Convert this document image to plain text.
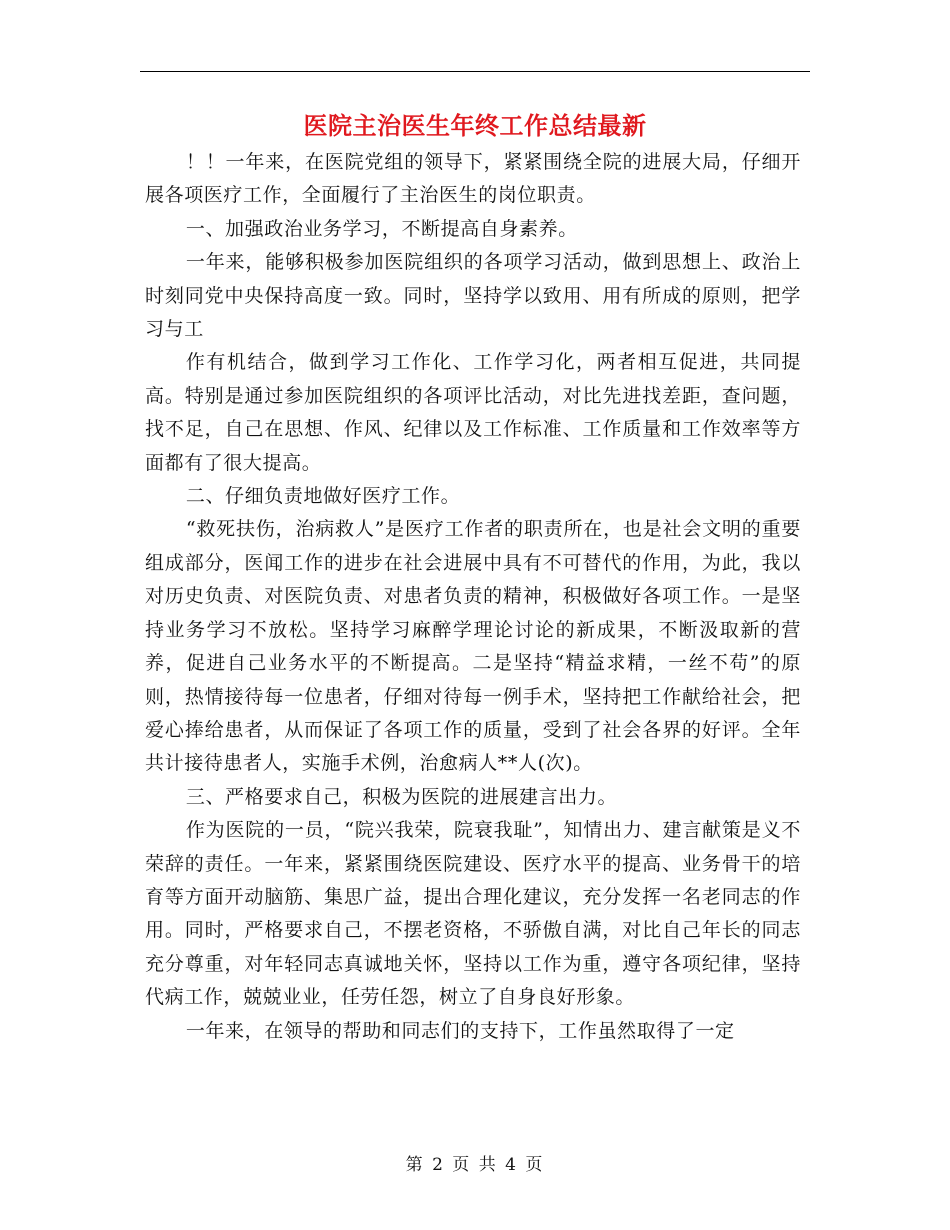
医院主治医生年终工作总结最新

！！一年来，在医院党组的领导下，紧紧围绕全院的进展大局，仔细开展各项医疗工作，全面履行了主治医生的岗位职责。

一、加强政治业务学习，不断提高自身素养。

一年来，能够积极参加医院组织的各项学习活动，做到思想上、政治上时刻同党中央保持高度一致。同时，坚持学以致用、用有所成的原则，把学习与工

作有机结合，做到学习工作化、工作学习化，两者相互促进，共同提高。特别是通过参加医院组织的各项评比活动，对比先进找差距，查问题，找不足，自己在思想、作风、纪律以及工作标准、工作质量和工作效率等方面都有了很大提高。

二、仔细负责地做好医疗工作。

“救死扶伤，治病救人”是医疗工作者的职责所在，也是社会文明的重要组成部分，医闻工作的进步在社会进展中具有不可替代的作用，为此，我以对历史负责、对医院负责、对患者负责的精神，积极做好各项工作。一是坚持业务学习不放松。坚持学习麻醉学理论讨论的新成果，不断汲取新的营养，促进自己业务水平的不断提高。二是坚持“精益求精，一丝不苟”的原则，热情接待每一位患者，仔细对待每一例手术，坚持把工作献给社会，把爱心捧给患者，从而保证了各项工作的质量，受到了社会各界的好评。全年共计接待患者人，实施手术例，治愈病人**人(次)。

三、严格要求自己，积极为医院的进展建言出力。

作为医院的一员，“院兴我荣，院衰我耻”，知情出力、建言献策是义不荣辞的责任。一年来，紧紧围绕医院建设、医疗水平的提高、业务骨干的培育等方面开动脑筋、集思广益，提出合理化建议，充分发挥一名老同志的作用。同时，严格要求自己，不摆老资格，不骄傲自满，对比自己年长的同志充分尊重，对年轻同志真诚地关怀，坚持以工作为重，遵守各项纪律，坚持代病工作，兢兢业业，任劳任怨，树立了自身良好形象。

一年来，在领导的帮助和同志们的支持下，工作虽然取得了一定

第 2 页 共 4 页
